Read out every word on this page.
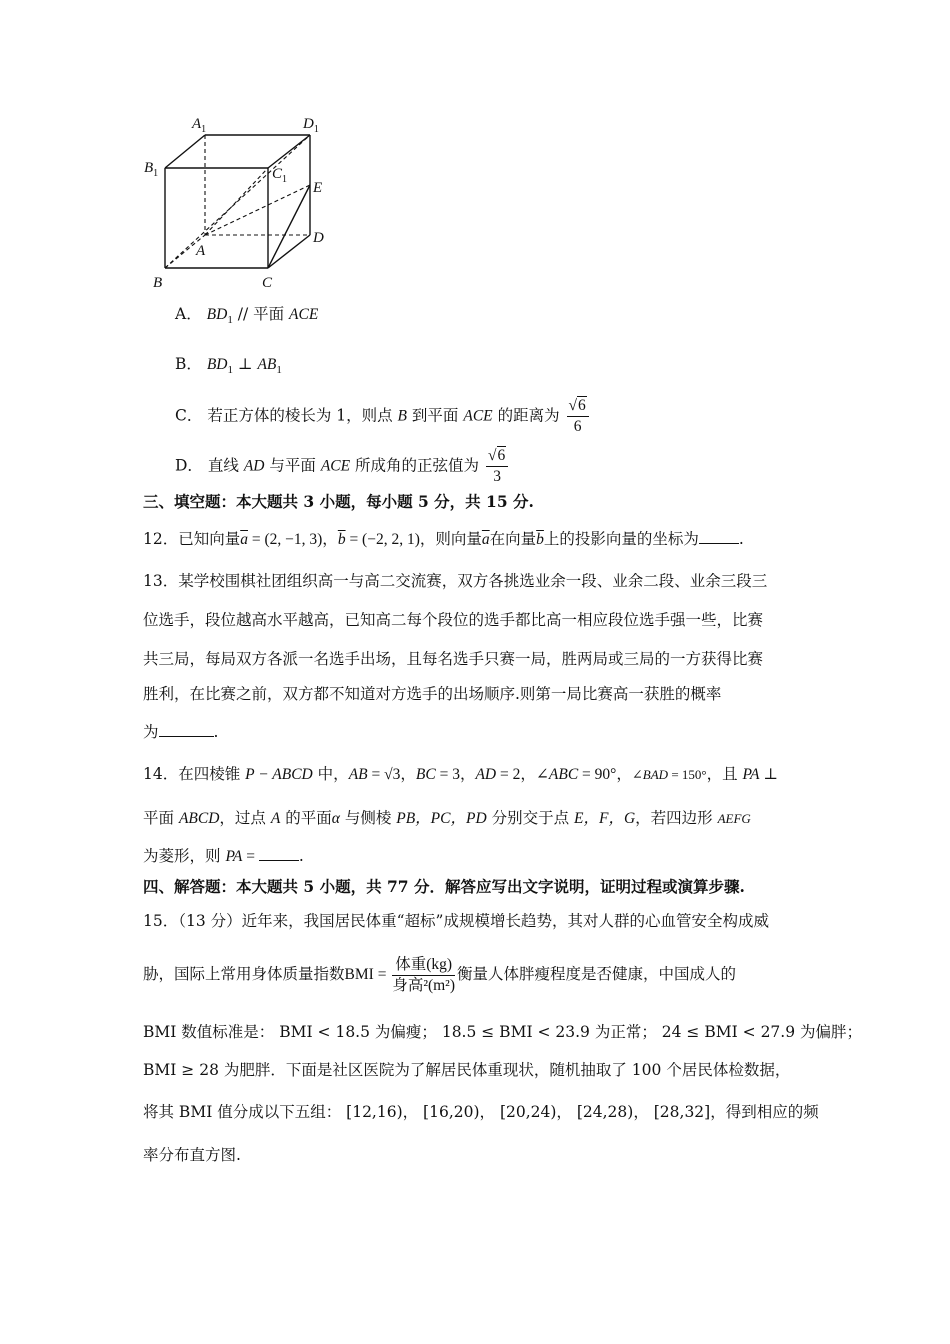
$A_1$	$D_1$
$B_1$	$C_1$
E
D
A
B	C
A． $BD_1$ // 平面 ACE
B． $BD_1$ ⊥ $AB_1$
C． 若正方体的棱长为 1，则点 B 到平面 ACE 的距离为 $\frac{√6}{6}$
D． 直线 AD 与平面 ACE 所成角的正弦值为 $\frac{√6}{3}$
三、填空题：本大题共 3 小题，每小题 5 分，共 15 分.
12．已知向量$\overline{a} = (2$, −1, 3)，$\overline{b} = (-2$, 2, 1)，则向量$\overline{a}$在向量$\overline{b}$上的投影向量的坐标为	.
13．某学校围棋社团组织高一与高二交流赛，双方各挑选业余一段、业余二段、业余三段三
位选手，段位越高水平越高，已知高二每个段位的选手都比高一相应段位选手强一些，比赛
共三局，每局双方各派一名选手出场，且每名选手只赛一局，胜两局或三局的一方获得比赛
胜利，在比赛之前，双方都不知道对方选手的出场顺序.则第一局比赛高一获胜的概率
为	.
14．在四棱锥 P − ABCD 中，AB = √3，BC = 3，AD = 2，∠ABC = 90°，∠BAD = 150°，且 PA ⊥
平面 ABCD，过点 A 的平面α 与侧棱 PB，PC，PD 分别交于点 E，F，G，若四边形 AEFG
为菱形，则 PA =	.
四、解答题：本大题共 5 小题，共 77 分．解答应写出文字说明，证明过程或演算步骤.
15．（13 分）近年来，我国居民体重“超标”成规模增长趋势，其对人群的心血管安全构成威
胁，国际上常用身体质量指数BMI = $\frac{\text{体重(kg)}}{\text{身高²(m²)}}$ 衡量人体胖瘦程度是否健康，中国成人的
BMI 数值标准是： BMI < 18.5 为偏瘦； 18.5 ≤ BMI < 23.9 为正常； 24 ≤ BMI < 27.9 为偏胖；
BMI ≥ 28 为肥胖．下面是社区医院为了解居民体重现状，随机抽取了 100 个居民体检数据，
将其 BMI 值分成以下五组： [12,16)， [16,20)， [20,24)， [24,28)， [28,32]，得到相应的频
率分布直方图.
